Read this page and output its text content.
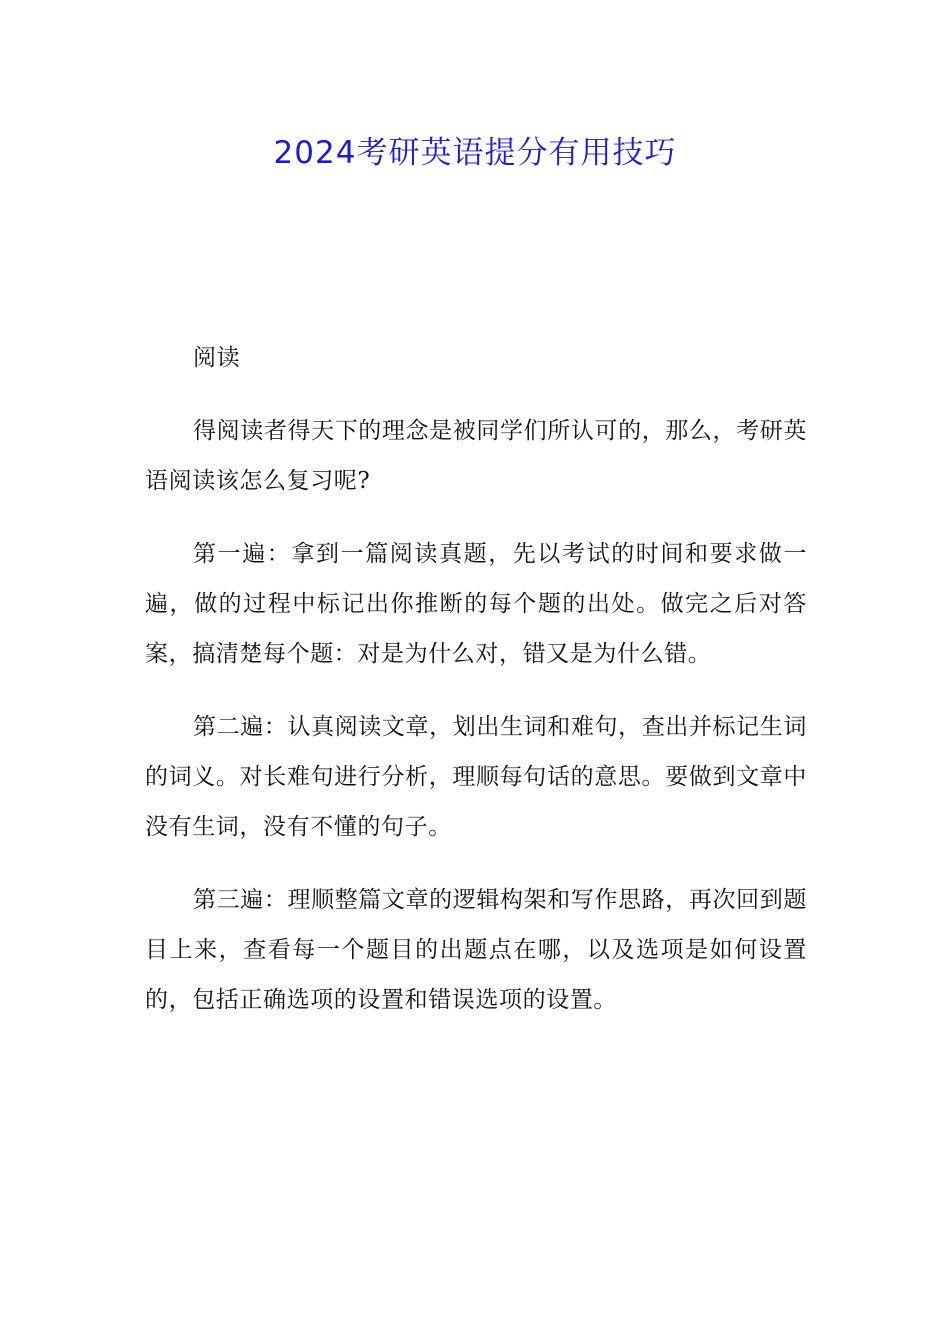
2024考研英语提分有用技巧

阅读

得阅读者得天下的理念是被同学们所认可的，那么，考研英语阅读该怎么复习呢?

第一遍：拿到一篇阅读真题，先以考试的时间和要求做一遍，做的过程中标记出你推断的每个题的出处。做完之后对答案，搞清楚每个题：对是为什么对，错又是为什么错。

第二遍：认真阅读文章，划出生词和难句，查出并标记生词的词义。对长难句进行分析，理顺每句话的意思。要做到文章中没有生词，没有不懂的句子。

第三遍：理顺整篇文章的逻辑构架和写作思路，再次回到题目上来，查看每一个题目的出题点在哪，以及选项是如何设置的，包括正确选项的设置和错误选项的设置。
